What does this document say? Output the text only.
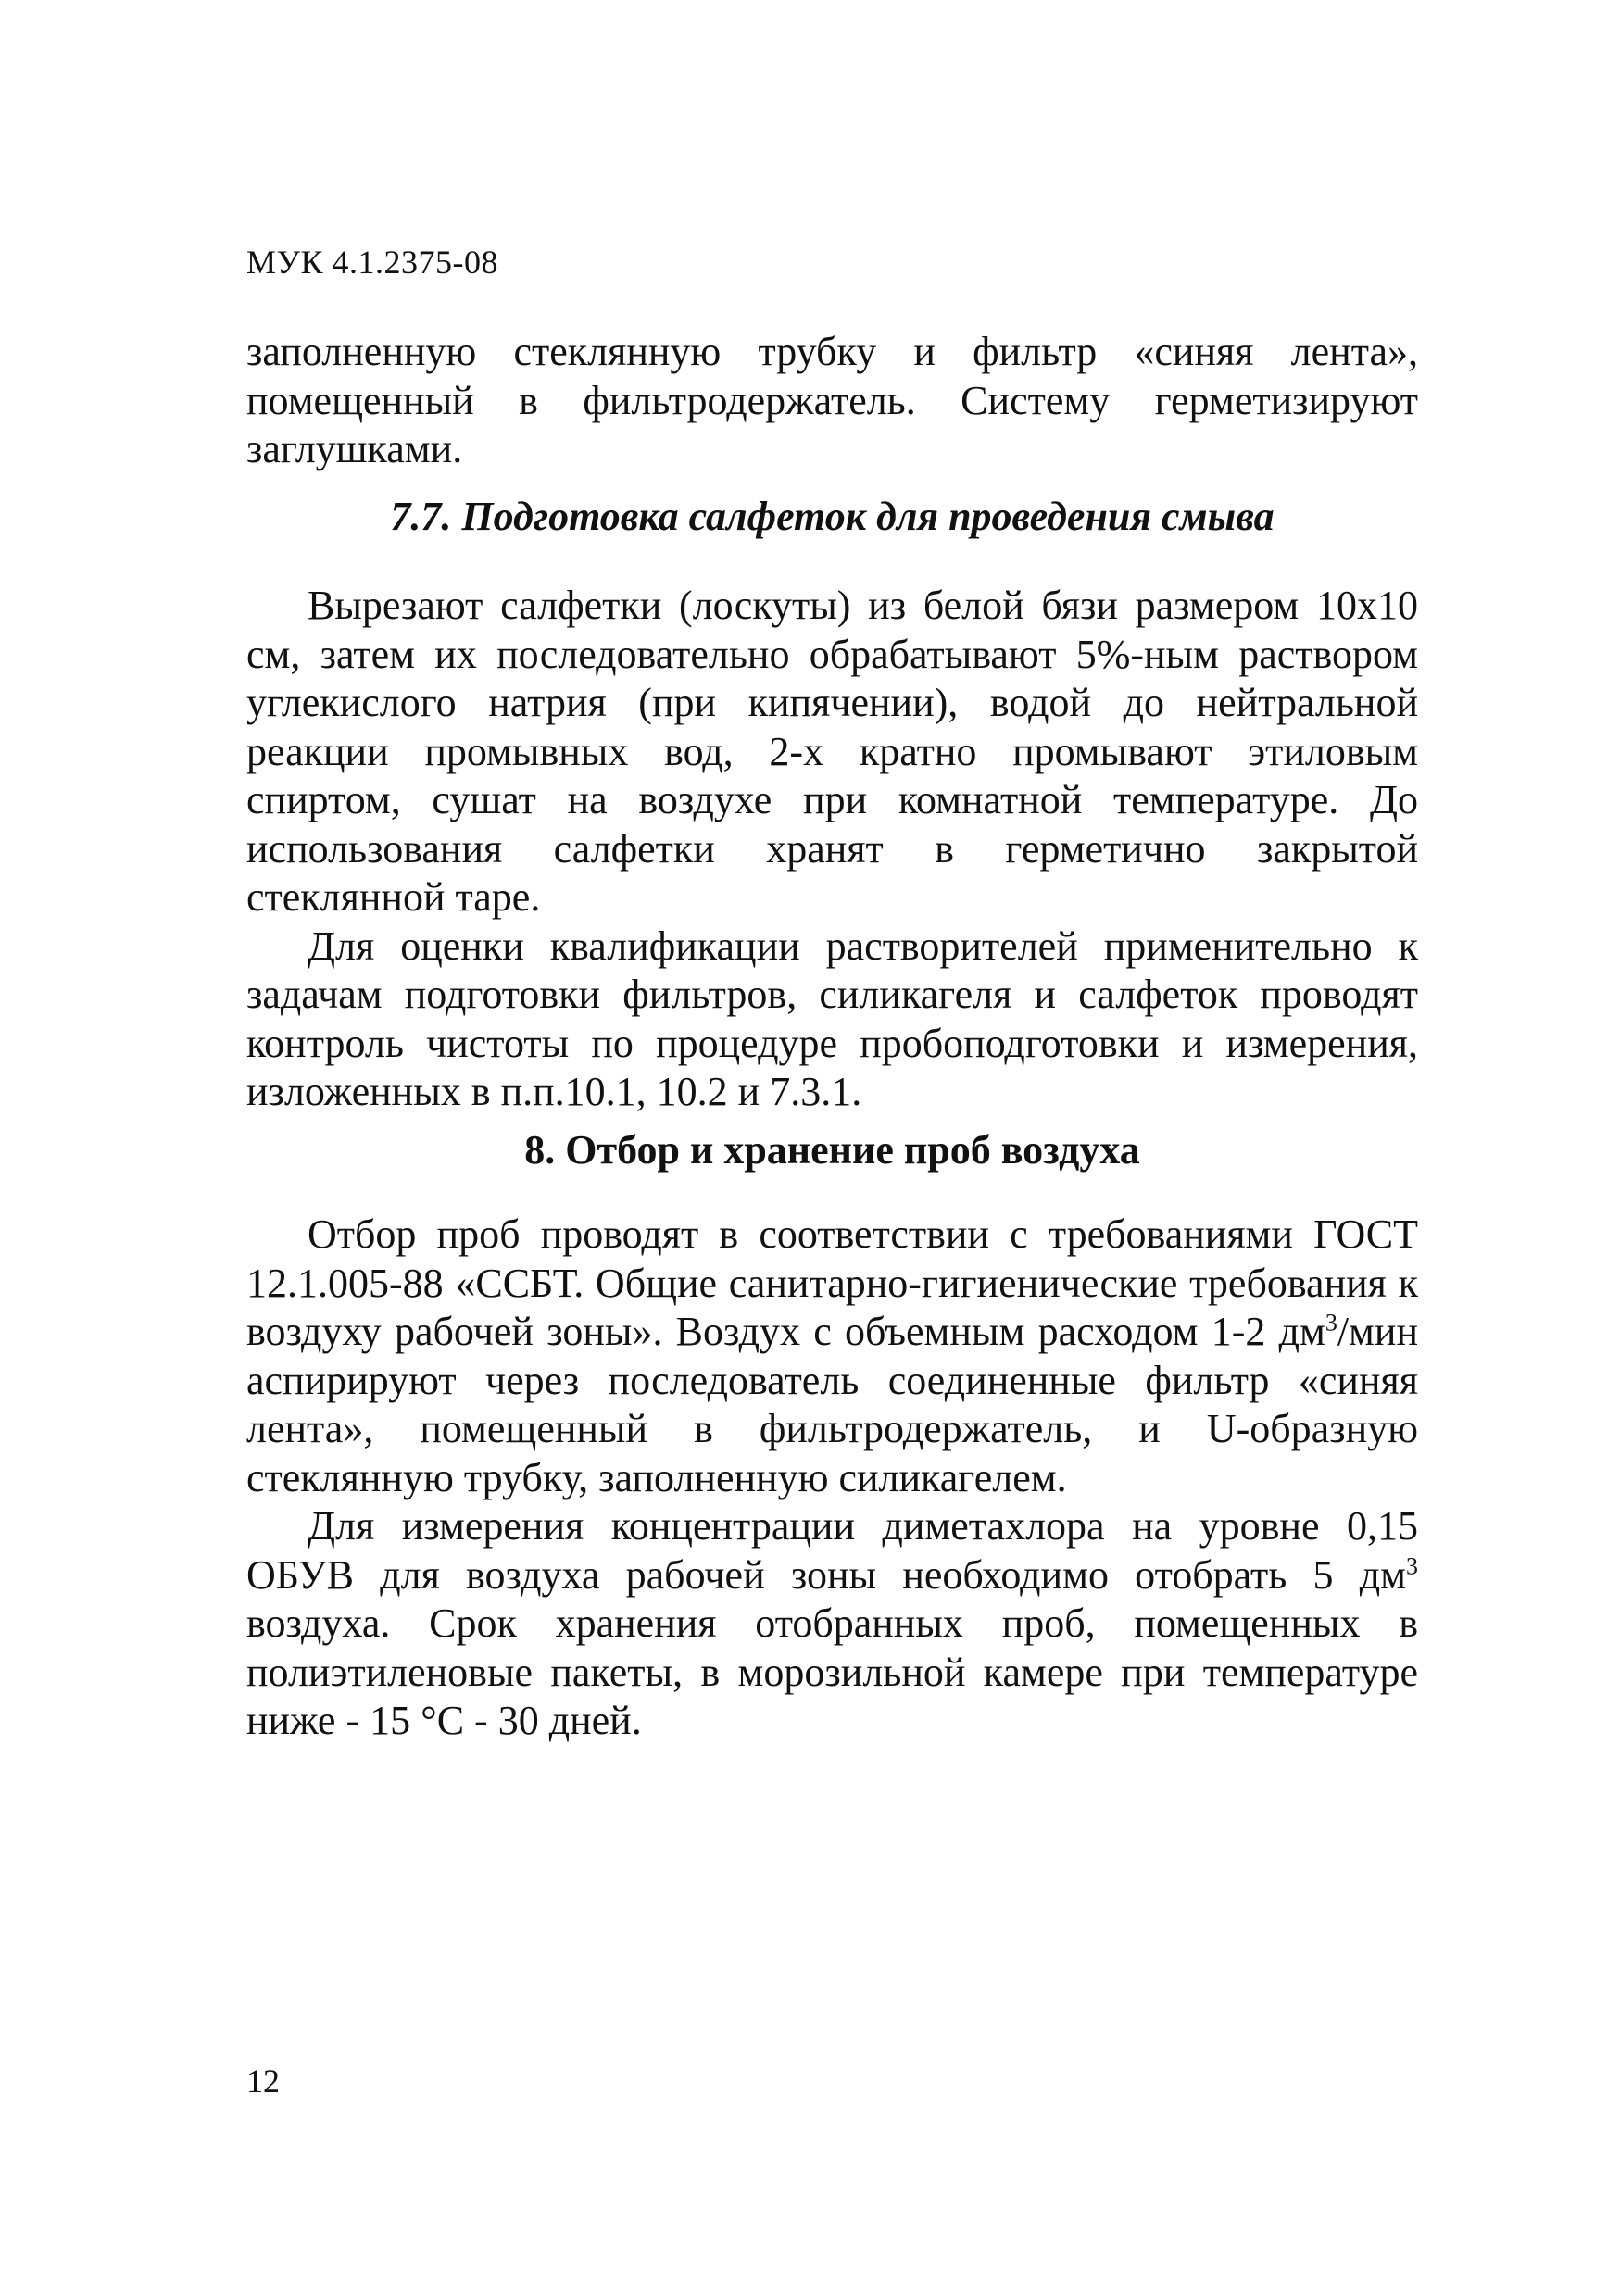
МУК 4.1.2375-08

заполненную стеклянную трубку и фильтр «синяя лента», помещенный в фильтродержатель. Систему герметизируют заглушками.

7.7. Подготовка салфеток для проведения смыва

Вырезают салфетки (лоскуты) из белой бязи размером 10х10 см, затем их последовательно обрабатывают 5%-ным раствором углекислого натрия (при кипячении), водой до нейтральной реакции промывных вод, 2-х кратно промывают этиловым спиртом, сушат на воздухе при комнатной температуре. До использования салфетки хранят в герметично закрытой стеклянной таре.

Для оценки квалификации растворителей применительно к задачам подготовки фильтров, силикагеля и салфеток проводят контроль чистоты по процедуре пробоподготовки и измерения, изложенных в п.п.10.1, 10.2 и 7.3.1.

8. Отбор и хранение проб воздуха

Отбор проб проводят в соответствии с требованиями ГОСТ 12.1.005-88 «ССБТ. Общие санитарно-гигиенические требования к воздуху рабочей зоны». Воздух с объемным расходом 1-2 $дм^3$/мин аспирируют через последователь соединенные фильтр «синяя лента», помещенный в фильтродержатель, и U-образную стеклянную трубку, заполненную силикагелем.

Для измерения концентрации диметахлора на уровне 0,15 ОБУВ для воздуха рабочей зоны необходимо отобрать 5 $дм^3$ воздуха. Срок хранения отобранных проб, помещенных в полиэтиленовые пакеты, в морозильной камере при температуре ниже - 15 °С - 30 дней.

12
